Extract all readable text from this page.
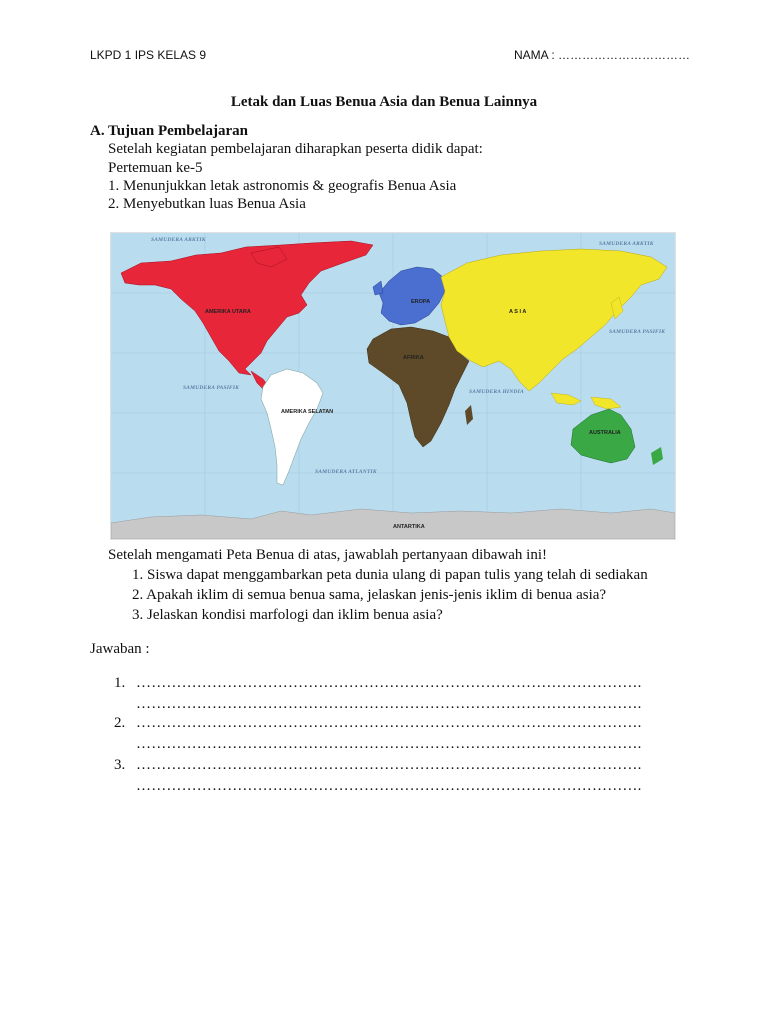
LKPD 1 IPS KELAS 9	NAMA : ……………………………
Letak dan Luas Benua Asia dan Benua Lainnya
A. Tujuan Pembelajaran
Setelah kegiatan pembelajaran diharapkan peserta didik dapat:
Pertemuan ke-5
1. Menunjukkan letak astronomis & geografis Benua Asia
2. Menyebutkan luas Benua Asia
SAMUDERA ARKTIK
SAMUDERA ARKTIK
SAMUDERA PASIFIK
SAMUDERA PASIFIK
SAMUDERA HINDIA
SAMUDERA ATLANTIK
AMERIKA UTARA
AMERIKA SELATAN
EROPA
AFRIKA
A S I A
AUSTRALIA
ANTARTIKA
Setelah mengamati Peta Benua di atas, jawablah pertanyaan dibawah ini!
1. Siswa dapat menggambarkan peta dunia ulang di papan tulis yang telah di sediakan
2. Apakah iklim di semua benua sama, jelaskan jenis-jenis iklim di benua asia?
3. Jelaskan kondisi marfologi dan iklim benua asia?
Jawaban :
1. ……………………………………………………………………………………….
……………………………………………………………………………………….
2. ……………………………………………………………………………………….
……………………………………………………………………………………….
3. ……………………………………………………………………………………….
……………………………………………………………………………………….
